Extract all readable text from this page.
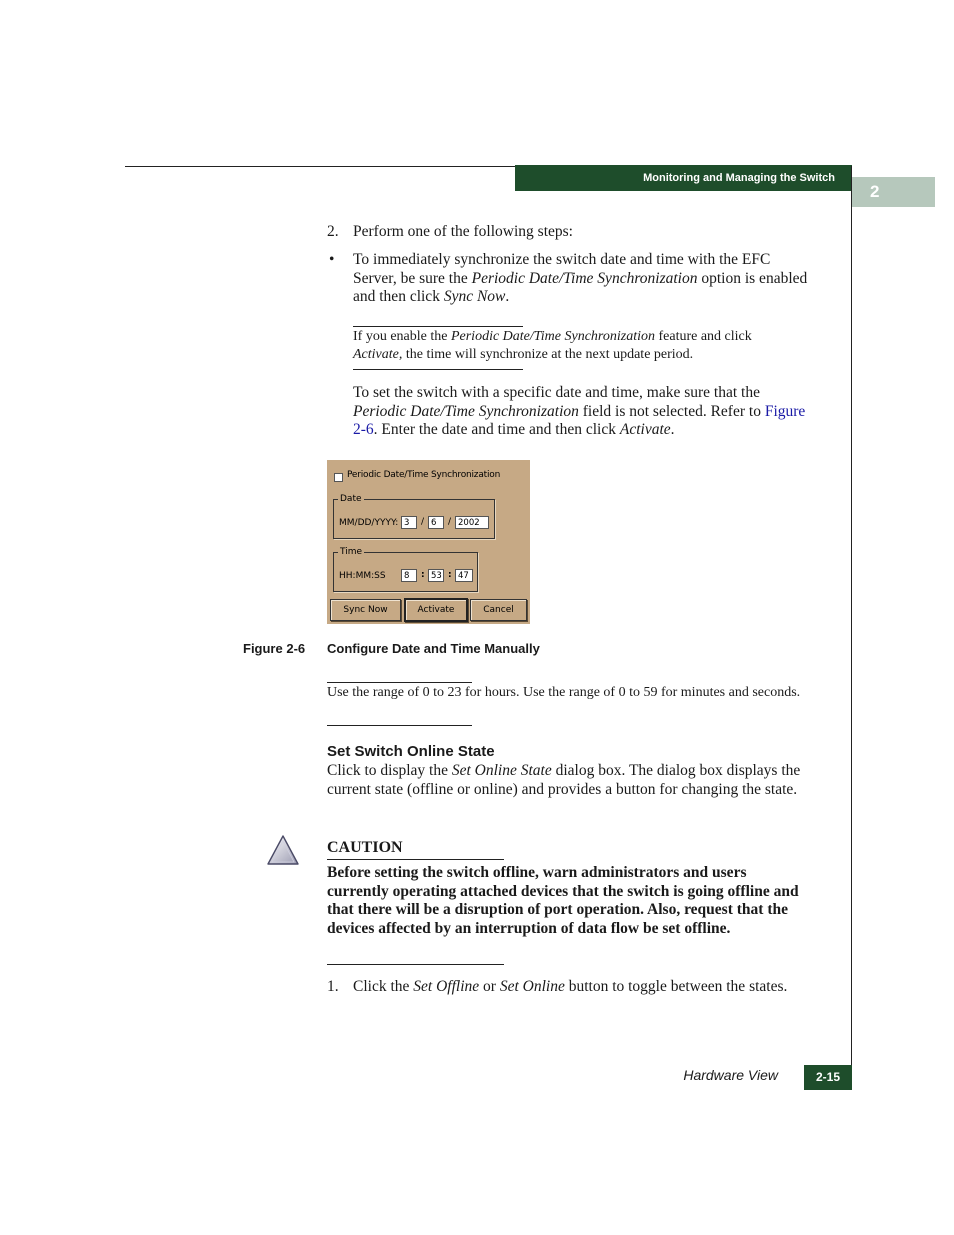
Monitoring and Managing the Switch
2
2. Perform one of the following steps:
• To immediately synchronize the switch date and time with the EFC Server, be sure the Periodic Date/Time Synchronization option is enabled and then click Sync Now.
If you enable the Periodic Date/Time Synchronization feature and click Activate, the time will synchronize at the next update period.
To set the switch with a specific date and time, make sure that the Periodic Date/Time Synchronization field is not selected. Refer to Figure 2-6. Enter the date and time and then click Activate.
Periodic Date/Time Synchronization
Date
MM/DD/YYYY: 3	/ 6	/ 2002
Time
HH:MM:SS	8	: 53 : 47
Sync Now	Activate	Cancel
Figure 2-6 Configure Date and Time Manually
Use the range of 0 to 23 for hours. Use the range of 0 to 59 for minutes and seconds.
Set Switch Online State
Click to display the Set Online State dialog box. The dialog box displays the current state (offline or online) and provides a button for changing the state.
CAUTION
Before setting the switch offline, warn administrators and users currently operating attached devices that the switch is going offline and that there will be a disruption of port operation. Also, request that the devices affected by an interruption of data flow be set offline.
1. Click the Set Offline or Set Online button to toggle between the states.
Hardware View	2-15
